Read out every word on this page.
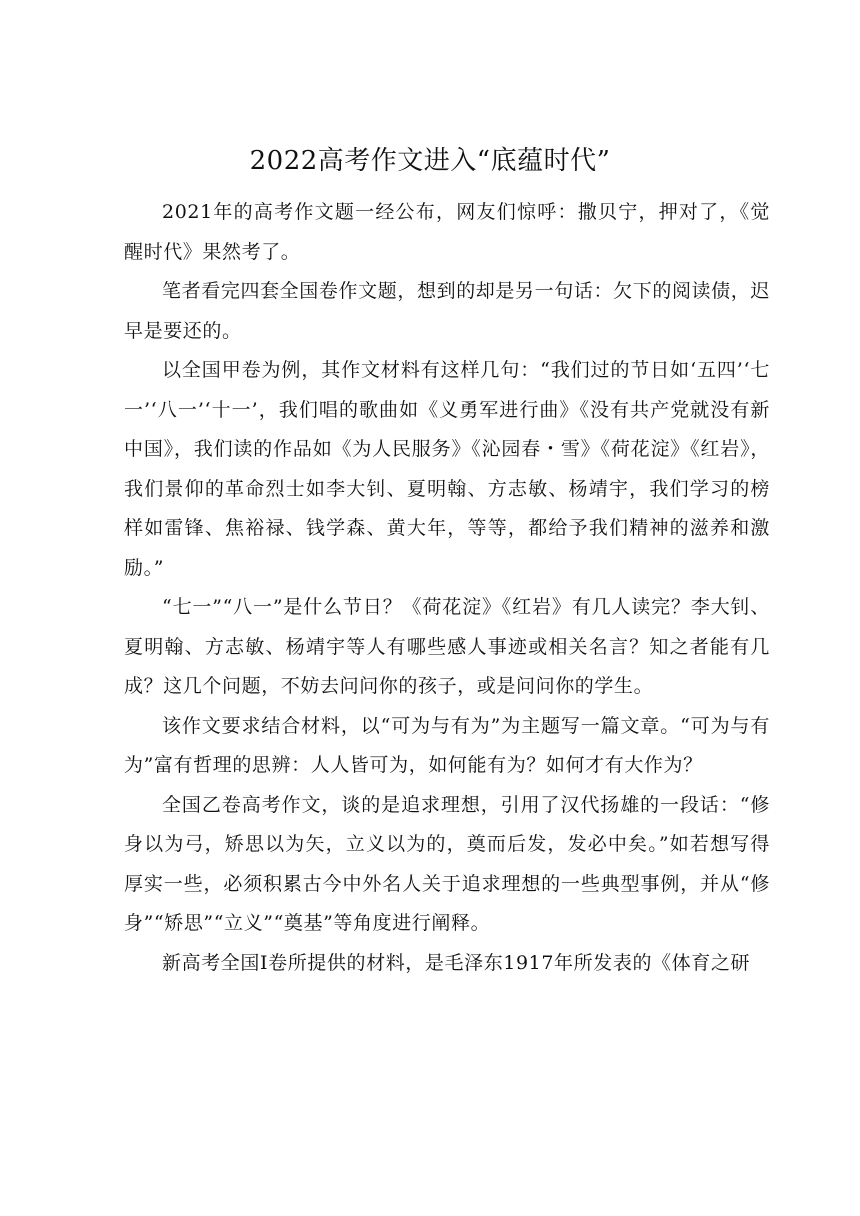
2022高考作文进入“底蕴时代”

2021年的高考作文题一经公布，网友们惊呼：撒贝宁，押对了，《觉醒时代》果然考了。

笔者看完四套全国卷作文题，想到的却是另一句话：欠下的阅读债，迟早是要还的。

以全国甲卷为例，其作文材料有这样几句：“我们过的节日如‘五四’‘七一’‘八一’‘十一’，我们唱的歌曲如《义勇军进行曲》《没有共产党就没有新中国》，我们读的作品如《为人民服务》《沁园春・雪》《荷花淀》《红岩》，我们景仰的革命烈士如李大钊、夏明翰、方志敏、杨靖宇，我们学习的榜样如雷锋、焦裕禄、钱学森、黄大年，等等，都给予我们精神的滋养和激励。”

“七一”“八一”是什么节日？《荷花淀》《红岩》有几人读完？李大钊、夏明翰、方志敏、杨靖宇等人有哪些感人事迹或相关名言？知之者能有几成？这几个问题，不妨去问问你的孩子，或是问问你的学生。

该作文要求结合材料，以“可为与有为”为主题写一篇文章。“可为与有为”富有哲理的思辨：人人皆可为，如何能有为？如何才有大作为？

全国乙卷高考作文，谈的是追求理想，引用了汉代扬雄的一段话：“修身以为弓，矫思以为矢，立义以为的，奠而后发，发必中矣。”如若想写得厚实一些，必须积累古今中外名人关于追求理想的一些典型事例，并从“修身”“矫思”“立义”“奠基”等角度进行阐释。

新高考全国Ⅰ卷所提供的材料，是毛泽东1917年所发表的《体育之研
